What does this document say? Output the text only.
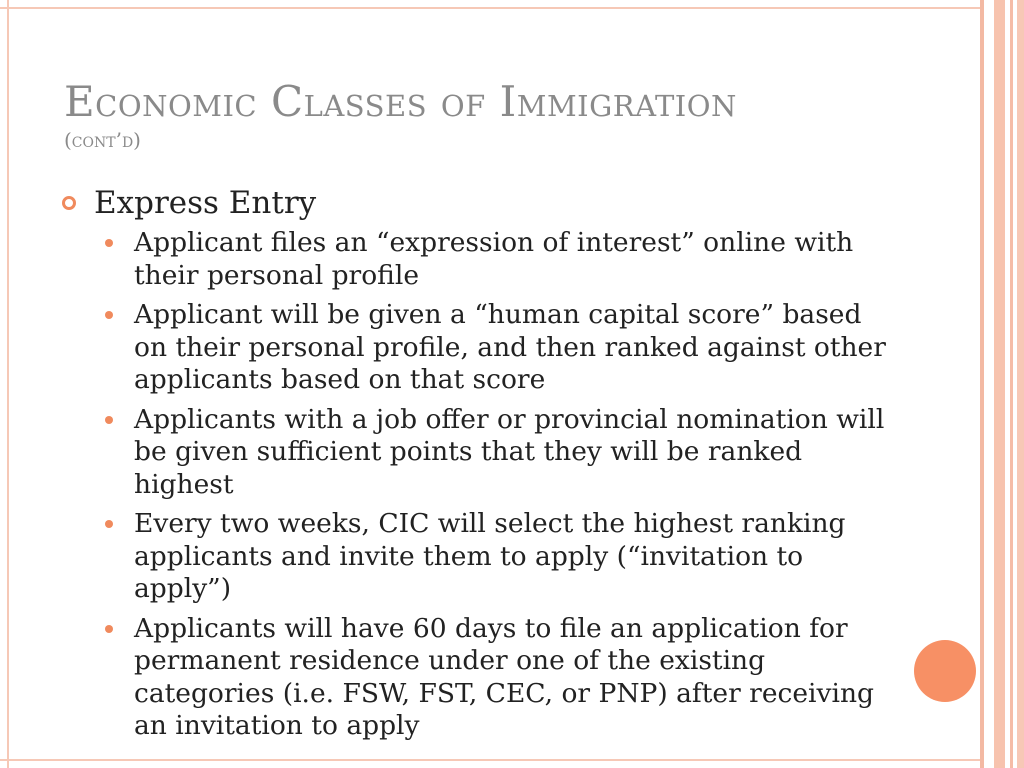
Economic Classes of Immigration
(cont’d)
Express Entry
Applicant files an “expression of interest” online with their personal profile
Applicant will be given a “human capital score” based on their personal profile, and then ranked against other applicants based on that score
Applicants with a job offer or provincial nomination will be given sufficient points that they will be ranked highest
Every two weeks, CIC will select the highest ranking applicants and invite them to apply (“invitation to apply”)
Applicants will have 60 days to file an application for permanent residence under one of the existing categories (i.e. FSW, FST, CEC, or PNP) after receiving an invitation to apply
